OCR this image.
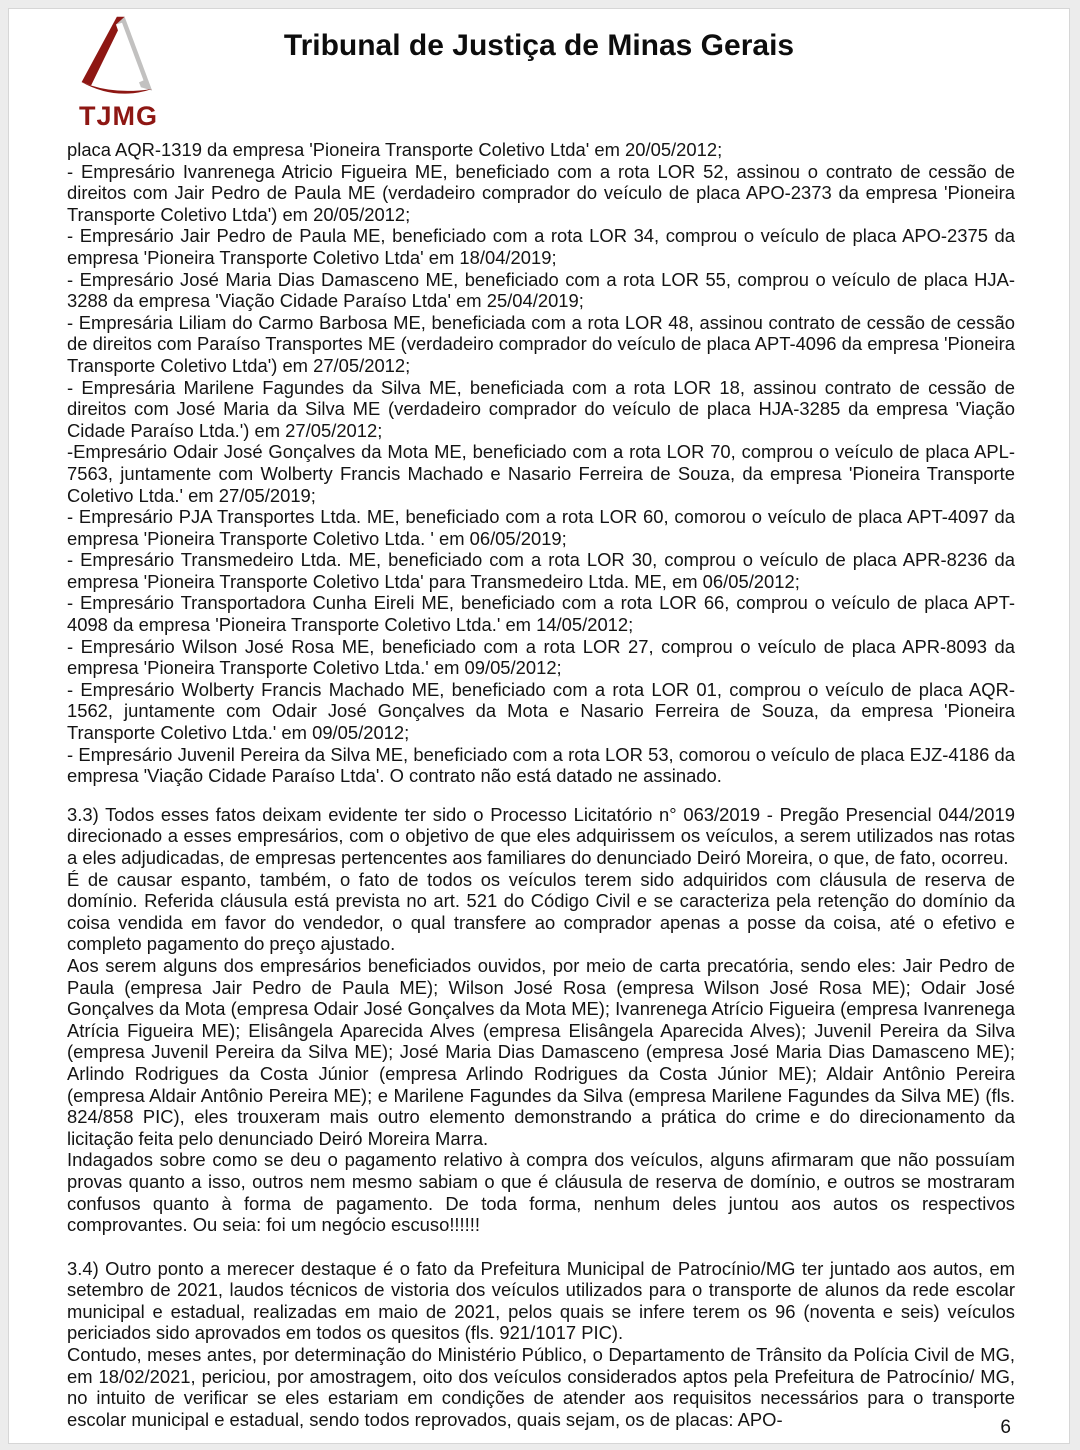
TJMG
Tribunal de Justiça de Minas Gerais

placa AQR-1319 da empresa 'Pioneira Transporte Coletivo Ltda' em 20/05/2012;

- Empresário Ivanrenega Atricio Figueira ME, beneficiado com a rota LOR 52, assinou o contrato de cessão de direitos com Jair Pedro de Paula ME (verdadeiro comprador do veículo de placa APO-2373 da empresa 'Pioneira Transporte Coletivo Ltda') em 20/05/2012;

- Empresário Jair Pedro de Paula ME, beneficiado com a rota LOR 34, comprou o veículo de placa APO-2375 da empresa 'Pioneira Transporte Coletivo Ltda' em 18/04/2019;

- Empresário José Maria Dias Damasceno ME, beneficiado com a rota LOR 55, comprou o veículo de placa HJA-3288 da empresa 'Viação Cidade Paraíso Ltda' em 25/04/2019;

- Empresária Liliam do Carmo Barbosa ME, beneficiada com a rota LOR 48, assinou contrato de cessão de cessão de direitos com Paraíso Transportes ME (verdadeiro comprador do veículo de placa APT-4096 da empresa 'Pioneira Transporte Coletivo Ltda') em 27/05/2012;

- Empresária Marilene Fagundes da Silva ME, beneficiada com a rota LOR 18, assinou contrato de cessão de direitos com José Maria da Silva ME (verdadeiro comprador do veículo de placa HJA-3285 da empresa 'Viação Cidade Paraíso Ltda.') em 27/05/2012;

-Empresário Odair José Gonçalves da Mota ME, beneficiado com a rota LOR 70, comprou o veículo de placa APL-7563, juntamente com Wolberty Francis Machado e Nasario Ferreira de Souza, da empresa 'Pioneira Transporte Coletivo Ltda.' em 27/05/2019;

- Empresário PJA Transportes Ltda. ME, beneficiado com a rota LOR 60, comorou o veículo de placa APT-4097 da empresa 'Pioneira Transporte Coletivo Ltda. ' em 06/05/2019;

- Empresário Transmedeiro Ltda. ME, beneficiado com a rota LOR 30, comprou o veículo de placa APR-8236 da empresa 'Pioneira Transporte Coletivo Ltda' para Transmedeiro Ltda. ME, em 06/05/2012;

- Empresário Transportadora Cunha Eireli ME, beneficiado com a rota LOR 66, comprou o veículo de placa APT-4098 da empresa 'Pioneira Transporte Coletivo Ltda.' em 14/05/2012;

- Empresário Wilson José Rosa ME, beneficiado com a rota LOR 27, comprou o veículo de placa APR-8093 da empresa 'Pioneira Transporte Coletivo Ltda.' em 09/05/2012;

- Empresário Wolberty Francis Machado ME, beneficiado com a rota LOR 01, comprou o veículo de placa AQR-1562, juntamente com Odair José Gonçalves da Mota e Nasario Ferreira de Souza, da empresa 'Pioneira Transporte Coletivo Ltda.' em 09/05/2012;

- Empresário Juvenil Pereira da Silva ME, beneficiado com a rota LOR 53, comorou o veículo de placa EJZ-4186 da empresa 'Viação Cidade Paraíso Ltda'. O contrato não está datado ne assinado.

3.3) Todos esses fatos deixam evidente ter sido o Processo Licitatório n° 063/2019 - Pregão Presencial 044/2019 direcionado a esses empresários, com o objetivo de que eles adquirissem os veículos, a serem utilizados nas rotas a eles adjudicadas, de empresas pertencentes aos familiares do denunciado Deiró Moreira, o que, de fato, ocorreu.

É de causar espanto, também, o fato de todos os veículos terem sido adquiridos com cláusula de reserva de domínio. Referida cláusula está prevista no art. 521 do Código Civil e se caracteriza pela retenção do domínio da coisa vendida em favor do vendedor, o qual transfere ao comprador apenas a posse da coisa, até o efetivo e completo pagamento do preço ajustado.

Aos serem alguns dos empresários beneficiados ouvidos, por meio de carta precatória, sendo eles: Jair Pedro de Paula (empresa Jair Pedro de Paula ME); Wilson José Rosa (empresa Wilson José Rosa ME); Odair José Gonçalves da Mota (empresa Odair José Gonçalves da Mota ME); Ivanrenega Atrício Figueira (empresa Ivanrenega Atrícia Figueira ME); Elisângela Aparecida Alves (empresa Elisângela Aparecida Alves); Juvenil Pereira da Silva (empresa Juvenil Pereira da Silva ME); José Maria Dias Damasceno (empresa José Maria Dias Damasceno ME); Arlindo Rodrigues da Costa Júnior (empresa Arlindo Rodrigues da Costa Júnior ME); Aldair Antônio Pereira (empresa Aldair Antônio Pereira ME); e Marilene Fagundes da Silva (empresa Marilene Fagundes da Silva ME) (fls. 824/858 PIC), eles trouxeram mais outro elemento demonstrando a prática do crime e do direcionamento da licitação feita pelo denunciado Deiró Moreira Marra.

Indagados sobre como se deu o pagamento relativo à compra dos veículos, alguns afirmaram que não possuíam provas quanto a isso, outros nem mesmo sabiam o que é cláusula de reserva de domínio, e outros se mostraram confusos quanto à forma de pagamento. De toda forma, nenhum deles juntou aos autos os respectivos comprovantes. Ou seia: foi um negócio escuso!!!!!!

3.4) Outro ponto a merecer destaque é o fato da Prefeitura Municipal de Patrocínio/MG ter juntado aos autos, em setembro de 2021, laudos técnicos de vistoria dos veículos utilizados para o transporte de alunos da rede escolar municipal e estadual, realizadas em maio de 2021, pelos quais se infere terem os 96 (noventa e seis) veículos periciados sido aprovados em todos os quesitos (fls. 921/1017 PIC).

Contudo, meses antes, por determinação do Ministério Público, o Departamento de Trânsito da Polícia Civil de MG, em 18/02/2021, periciou, por amostragem, oito dos veículos considerados aptos pela Prefeitura de Patrocínio/ MG, no intuito de verificar se eles estariam em condições de atender aos requisitos necessários para o transporte escolar municipal e estadual, sendo todos reprovados, quais sejam, os de placas: APO-	6
